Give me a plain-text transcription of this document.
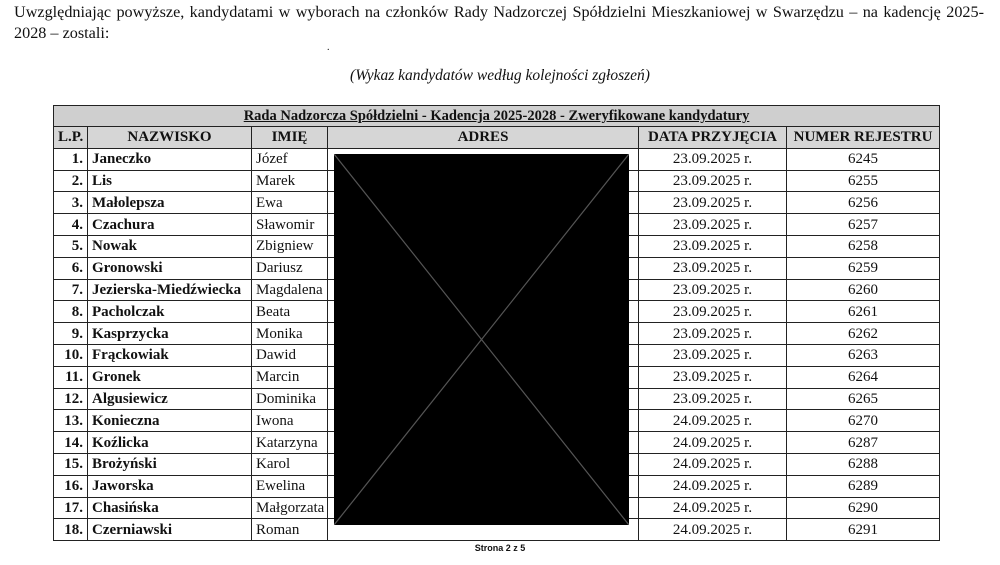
Uwzględniając powyższe, kandydatami w wyborach na członków Rady Nadzorczej Spółdzielni Mieszkaniowej w Swarzędzu – na kadencję 2025-2028 – zostali:
.
(Wykaz kandydatów według kolejności zgłoszeń)
Rada Nadzorcza Spółdzielni - Kadencja 2025-2028 - Zweryfikowane kandydatury					
L.P.	NAZWISKO	IMIĘ	ADRES	DATA PRZYJĘCIA	NUMER REJESTRU
1.	Janeczko	Józef		23.09.2025 r.	6245
2.	Lis	Marek		23.09.2025 r.	6255
3.	Małolepsza	Ewa		23.09.2025 r.	6256
4.	Czachura	Sławomir		23.09.2025 r.	6257
5.	Nowak	Zbigniew		23.09.2025 r.	6258
6.	Gronowski	Dariusz		23.09.2025 r.	6259
7.	Jezierska-Miedźwiecka	Magdalena		23.09.2025 r.	6260
8.	Pacholczak	Beata		23.09.2025 r.	6261
9.	Kasprzycka	Monika		23.09.2025 r.	6262
10.	Frąckowiak	Dawid		23.09.2025 r.	6263
11.	Gronek	Marcin		23.09.2025 r.	6264
12.	Algusiewicz	Dominika		23.09.2025 r.	6265
13.	Konieczna	Iwona		24.09.2025 r.	6270
14.	Koźlicka	Katarzyna		24.09.2025 r.	6287
15.	Brożyński	Karol		24.09.2025 r.	6288
16.	Jaworska	Ewelina		24.09.2025 r.	6289
17.	Chasińska	Małgorzata		24.09.2025 r.	6290
18.	Czerniawski	Roman		24.09.2025 r.	6291
Strona 2 z 5
